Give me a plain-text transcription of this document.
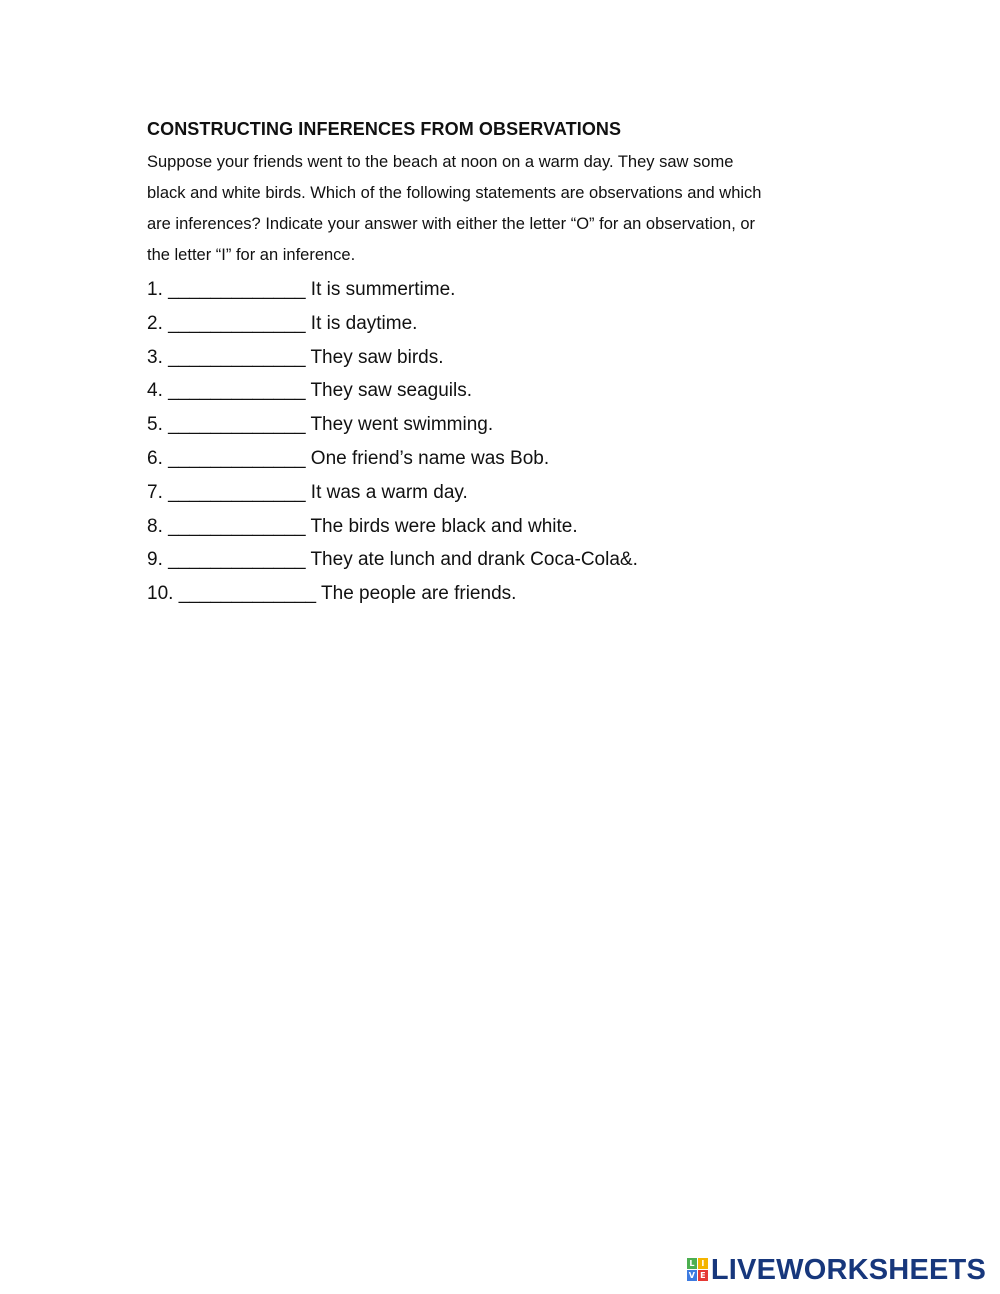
CONSTRUCTING INFERENCES FROM OBSERVATIONS
Suppose your friends went to the beach at noon on a warm day. They saw some
black and white birds. Which of the following statements are observations and which
are inferences? Indicate your answer with either the letter “O” for an observation, or
the letter “I” for an inference.
1. _____________ It is summertime.
2. _____________ It is daytime.
3. _____________ They saw birds.
4. _____________ They saw seaguils.
5. _____________ They went swimming.
6. _____________ One friend’s name was Bob.
7. _____________ It was a warm day.
8. _____________ The birds were black and white.
9. _____________ They ate lunch and drank Coca-Cola&.
10. _____________ The people are friends.
L I
V E LIVEWORKSHEETS
